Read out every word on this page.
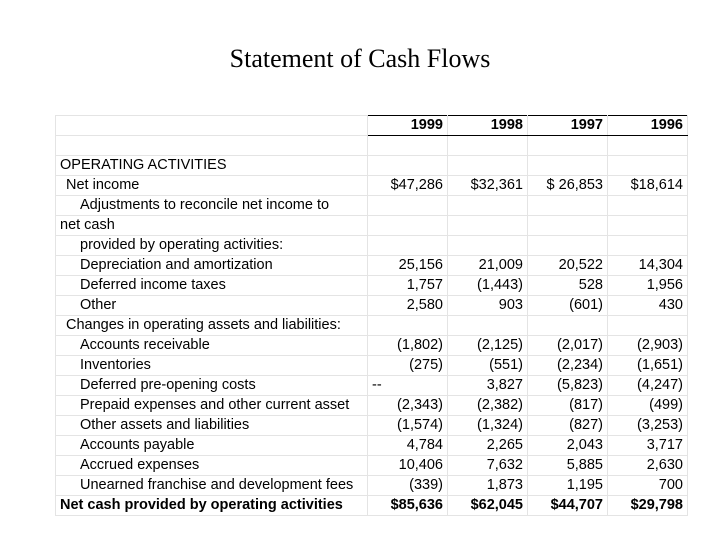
Statement of Cash Flows
	1999	1998	1997	1996

OPERATING ACTIVITIES				
Net income	$47,286	$32,361	$ 26,853	$18,614
Adjustments to reconcile net income to				
net cash				
provided by operating activities:				
Depreciation and amortization	25,156	21,009	20,522	14,304
Deferred income taxes	1,757	(1,443)	528	1,956
Other	2,580	903	(601)	430
Changes in operating assets and liabilities:				
Accounts receivable	(1,802)	(2,125)	(2,017)	(2,903)
Inventories	(275)	(551)	(2,234)	(1,651)
Deferred pre-opening costs	--	3,827	(5,823)	(4,247)
Prepaid expenses and other current asset	(2,343)	(2,382)	(817)	(499)
Other assets and liabilities	(1,574)	(1,324)	(827)	(3,253)
Accounts payable	4,784	2,265	2,043	3,717
Accrued expenses	10,406	7,632	5,885	2,630
Unearned franchise and development fees	(339)	1,873	1,195	700
Net cash provided by operating activities	$85,636	$62,045	$44,707	$29,798
